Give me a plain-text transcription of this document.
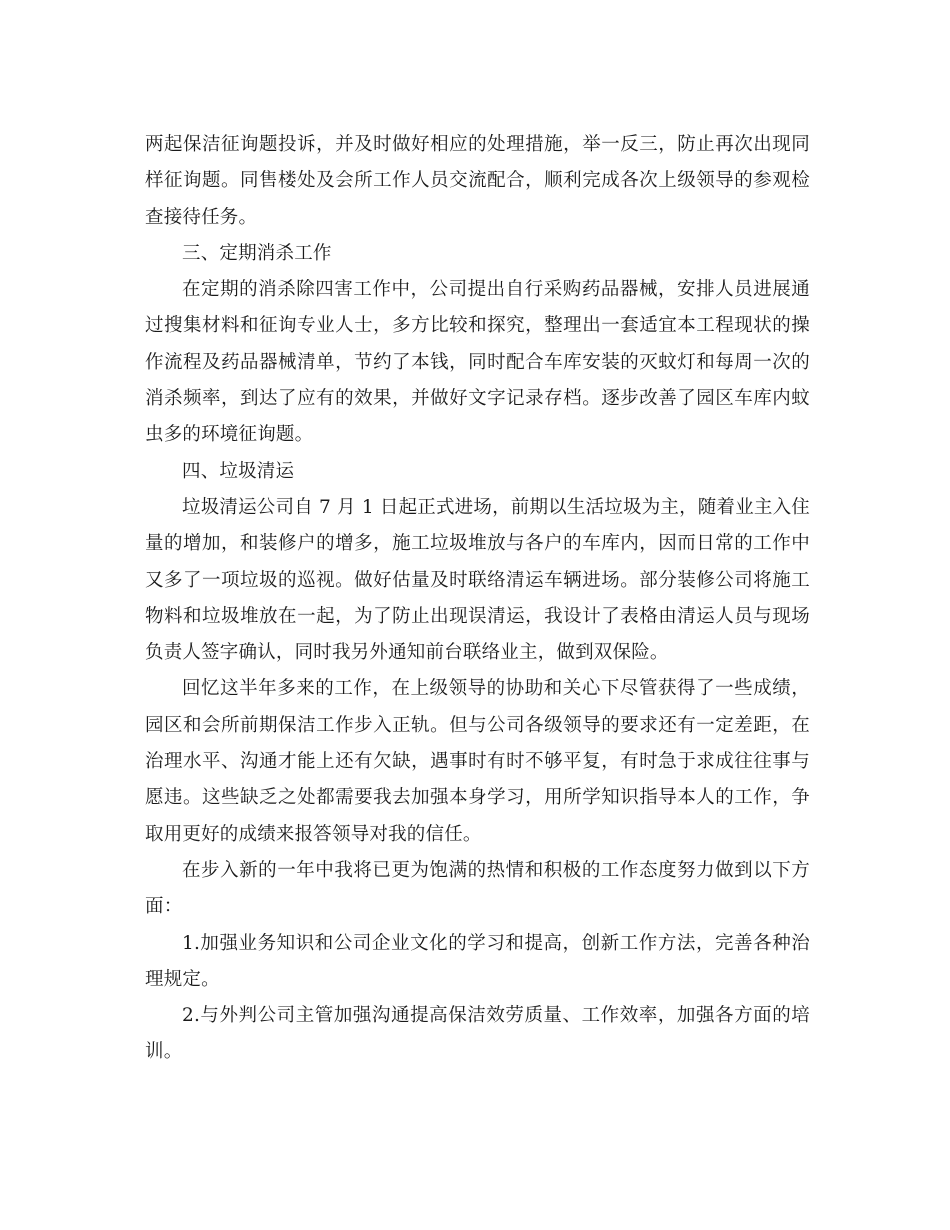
两起保洁征询题投诉，并及时做好相应的处理措施，举一反三，防止再次出现同样征询题。同售楼处及会所工作人员交流配合，顺利完成各次上级领导的参观检查接待任务。

三、定期消杀工作

在定期的消杀除四害工作中，公司提出自行采购药品器械，安排人员进展通过搜集材料和征询专业人士，多方比较和探究，整理出一套适宜本工程现状的操作流程及药品器械清单，节约了本钱，同时配合车库安装的灭蚊灯和每周一次的消杀频率，到达了应有的效果，并做好文字记录存档。逐步改善了园区车库内蚊虫多的环境征询题。

四、垃圾清运

垃圾清运公司自 7 月 1 日起正式进场，前期以生活垃圾为主，随着业主入住量的增加，和装修户的增多，施工垃圾堆放与各户的车库内，因而日常的工作中又多了一项垃圾的巡视。做好估量及时联络清运车辆进场。部分装修公司将施工物料和垃圾堆放在一起，为了防止出现误清运，我设计了表格由清运人员与现场负责人签字确认，同时我另外通知前台联络业主，做到双保险。

回忆这半年多来的工作，在上级领导的协助和关心下尽管获得了一些成绩，园区和会所前期保洁工作步入正轨。但与公司各级领导的要求还有一定差距，在治理水平、沟通才能上还有欠缺，遇事时有时不够平复，有时急于求成往往事与愿违。这些缺乏之处都需要我去加强本身学习，用所学知识指导本人的工作，争取用更好的成绩来报答领导对我的信任。

在步入新的一年中我将已更为饱满的热情和积极的工作态度努力做到以下方面：

1.加强业务知识和公司企业文化的学习和提高，创新工作方法，完善各种治理规定。

2.与外判公司主管加强沟通提高保洁效劳质量、工作效率，加强各方面的培训。
